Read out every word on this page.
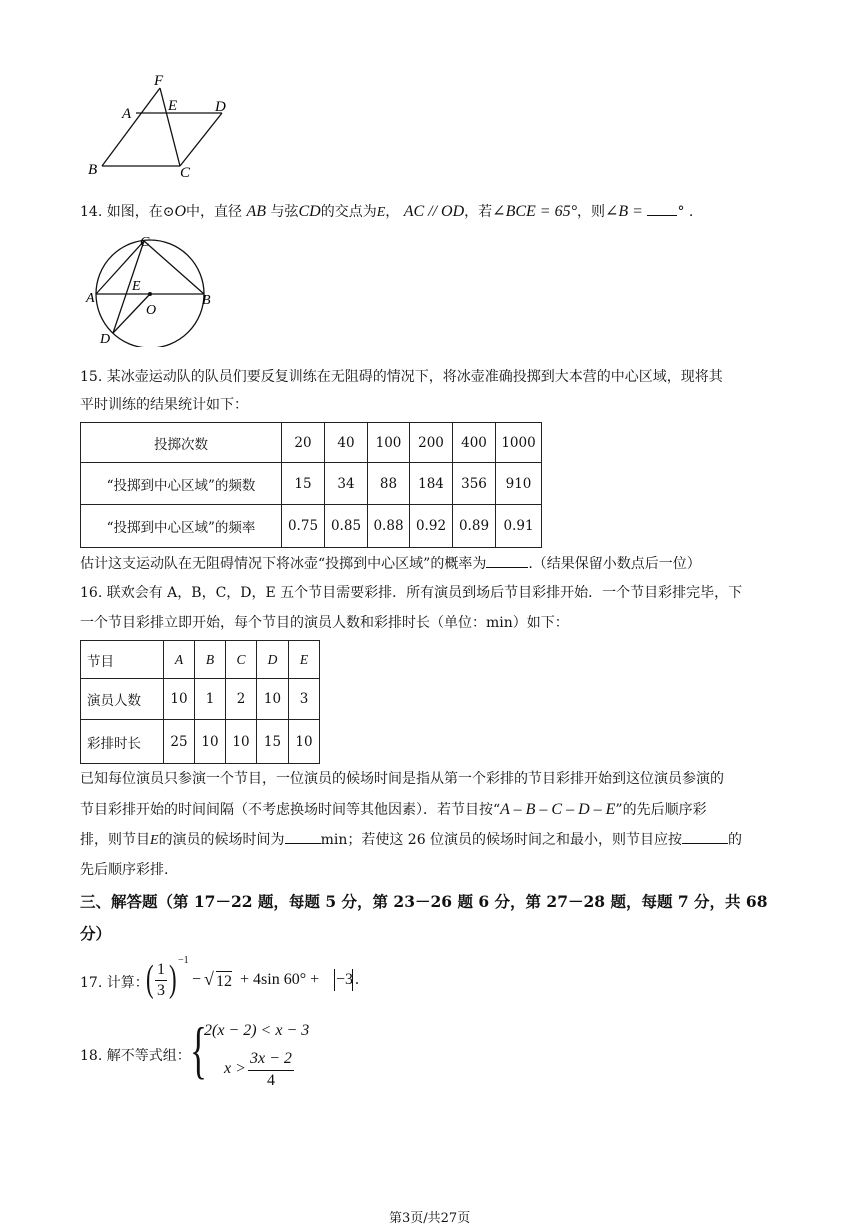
F
A E	D
B	C
14. 如图，在⊙O中，直径 AB 与弦CD的交点为E， AC // OD，若∠BCE = 65°，则∠B = ° .
C
A
E
O
B
D
15. 某冰壶运动队的队员们要反复训练在无阻碍的情况下，将冰壶准确投掷到大本营的中心区域，现将其
平时训练的结果统计如下：
投掷次数	20	40	100	200	400	1000
“投掷到中心区域”的频数	15	34	88	184	356	910
“投掷到中心区域”的频率	0.75	0.85	0.88	0.92	0.89	0.91
估计这支运动队在无阻碍情况下将冰壶“投掷到中心区域”的概率为	.（结果保留小数点后一位）
16. 联欢会有 A，B，C，D，E 五个节目需要彩排．所有演员到场后节目彩排开始．一个节目彩排完毕，下
一个节目彩排立即开始，每个节目的演员人数和彩排时长（单位：min）如下：
节目	A	B	C	D	E
演员人数	10	1	2	10	3
彩排时长	25	10	10	15	10
已知每位演员只参演一个节目，一位演员的候场时间是指从第一个彩排的节目彩排开始到这位演员参演的
节目彩排开始的时间间隔（不考虑换场时间等其他因素）．若节目按“A – B – C – D – E”的先后顺序彩
排，则节目E的演员的候场时间为	min；若使这 26 位演员的候场时间之和最小，则节目应按	的
先后顺序彩排.
三、解答题（第 17－22 题，每题 5 分，第 23－26 题 6 分，第 27－28 题，每题 7 分，共 68
分）
17. 计算：
( 1
3 ) −1
− √ 12 + 4sin 60° + −3 .
18. 解不等式组： {
2(x − 2) < x − 3
x >
3x − 2
4
第3页/共27页
